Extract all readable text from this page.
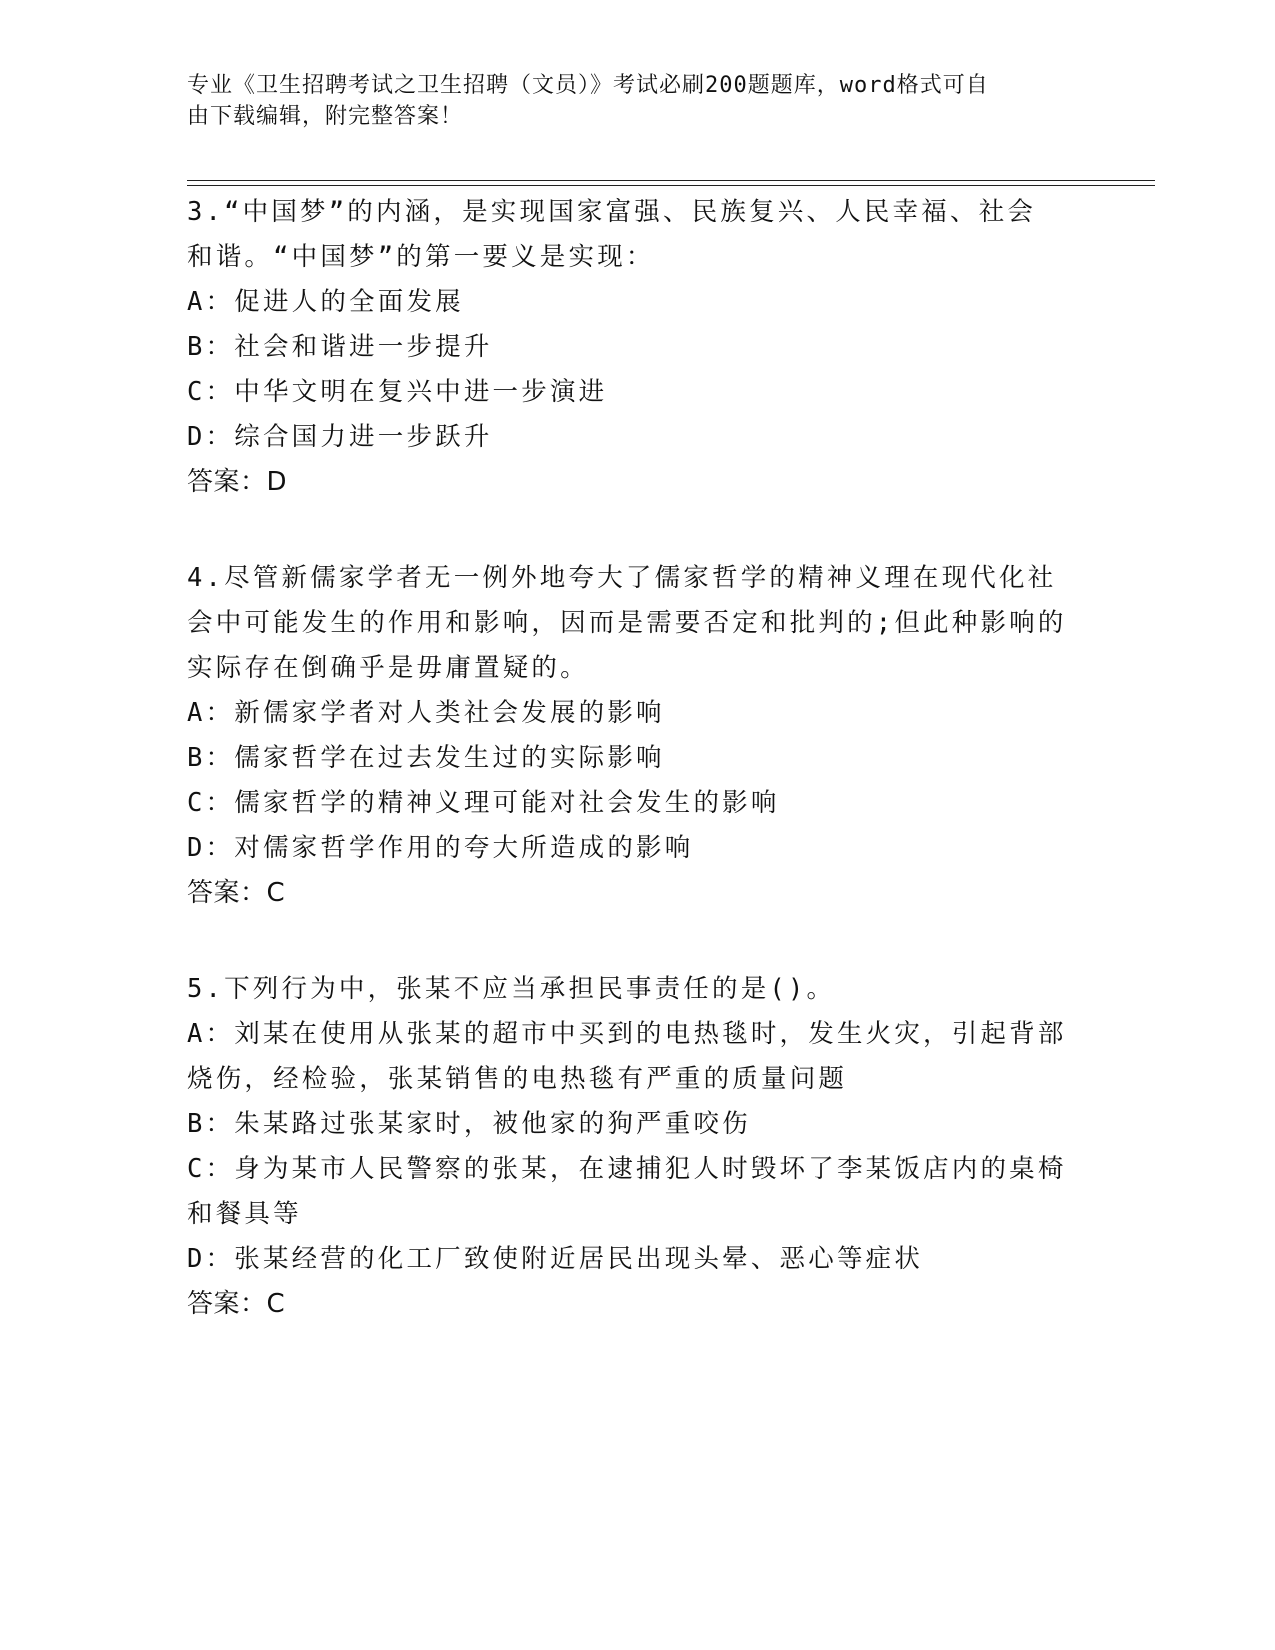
专业《卫生招聘考试之卫生招聘（文员）》考试必刷200题题库，word格式可自
由下载编辑，附完整答案！
3.“中国梦”的内涵，是实现国家富强、民族复兴、人民幸福、社会
和谐。“中国梦”的第一要义是实现：
A：促进人的全面发展
B：社会和谐进一步提升
C：中华文明在复兴中进一步演进
D：综合国力进一步跃升
答案：D
4.尽管新儒家学者无一例外地夸大了儒家哲学的精神义理在现代化社
会中可能发生的作用和影响，因而是需要否定和批判的;但此种影响的
实际存在倒确乎是毋庸置疑的。
A：新儒家学者对人类社会发展的影响
B：儒家哲学在过去发生过的实际影响
C：儒家哲学的精神义理可能对社会发生的影响
D：对儒家哲学作用的夸大所造成的影响
答案：C
5.下列行为中，张某不应当承担民事责任的是()。
A：刘某在使用从张某的超市中买到的电热毯时，发生火灾，引起背部
烧伤，经检验，张某销售的电热毯有严重的质量问题
B：朱某路过张某家时，被他家的狗严重咬伤
C：身为某市人民警察的张某，在逮捕犯人时毁坏了李某饭店内的桌椅
和餐具等
D：张某经营的化工厂致使附近居民出现头晕、恶心等症状
答案：C
